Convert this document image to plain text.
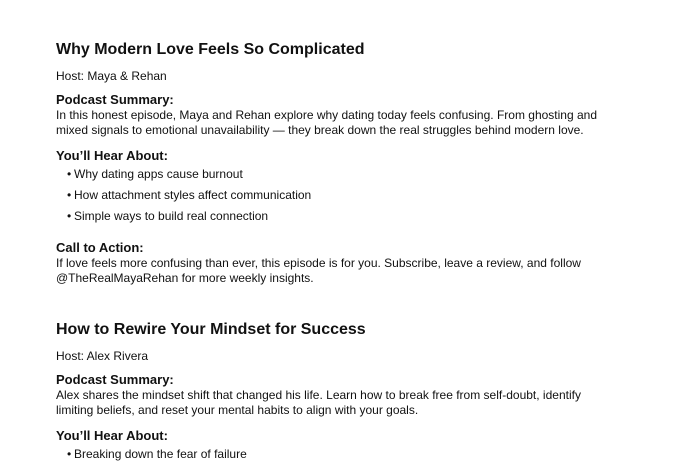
Why Modern Love Feels So Complicated

Host: Maya & Rehan

Podcast Summary:

In this honest episode, Maya and Rehan explore why dating today feels confusing. From ghosting and
mixed signals to emotional unavailability — they break down the real struggles behind modern love.

You’ll Hear About:
• Why dating apps cause burnout
• How attachment styles affect communication
• Simple ways to build real connection
Call to Action:

If love feels more confusing than ever, this episode is for you. Subscribe, leave a review, and follow
@TheRealMayaRehan for more weekly insights.

How to Rewire Your Mindset for Success

Host: Alex Rivera

Podcast Summary:

Alex shares the mindset shift that changed his life. Learn how to break free from self-doubt, identify
limiting beliefs, and reset your mental habits to align with your goals.

You’ll Hear About:
• Breaking down the fear of failure
